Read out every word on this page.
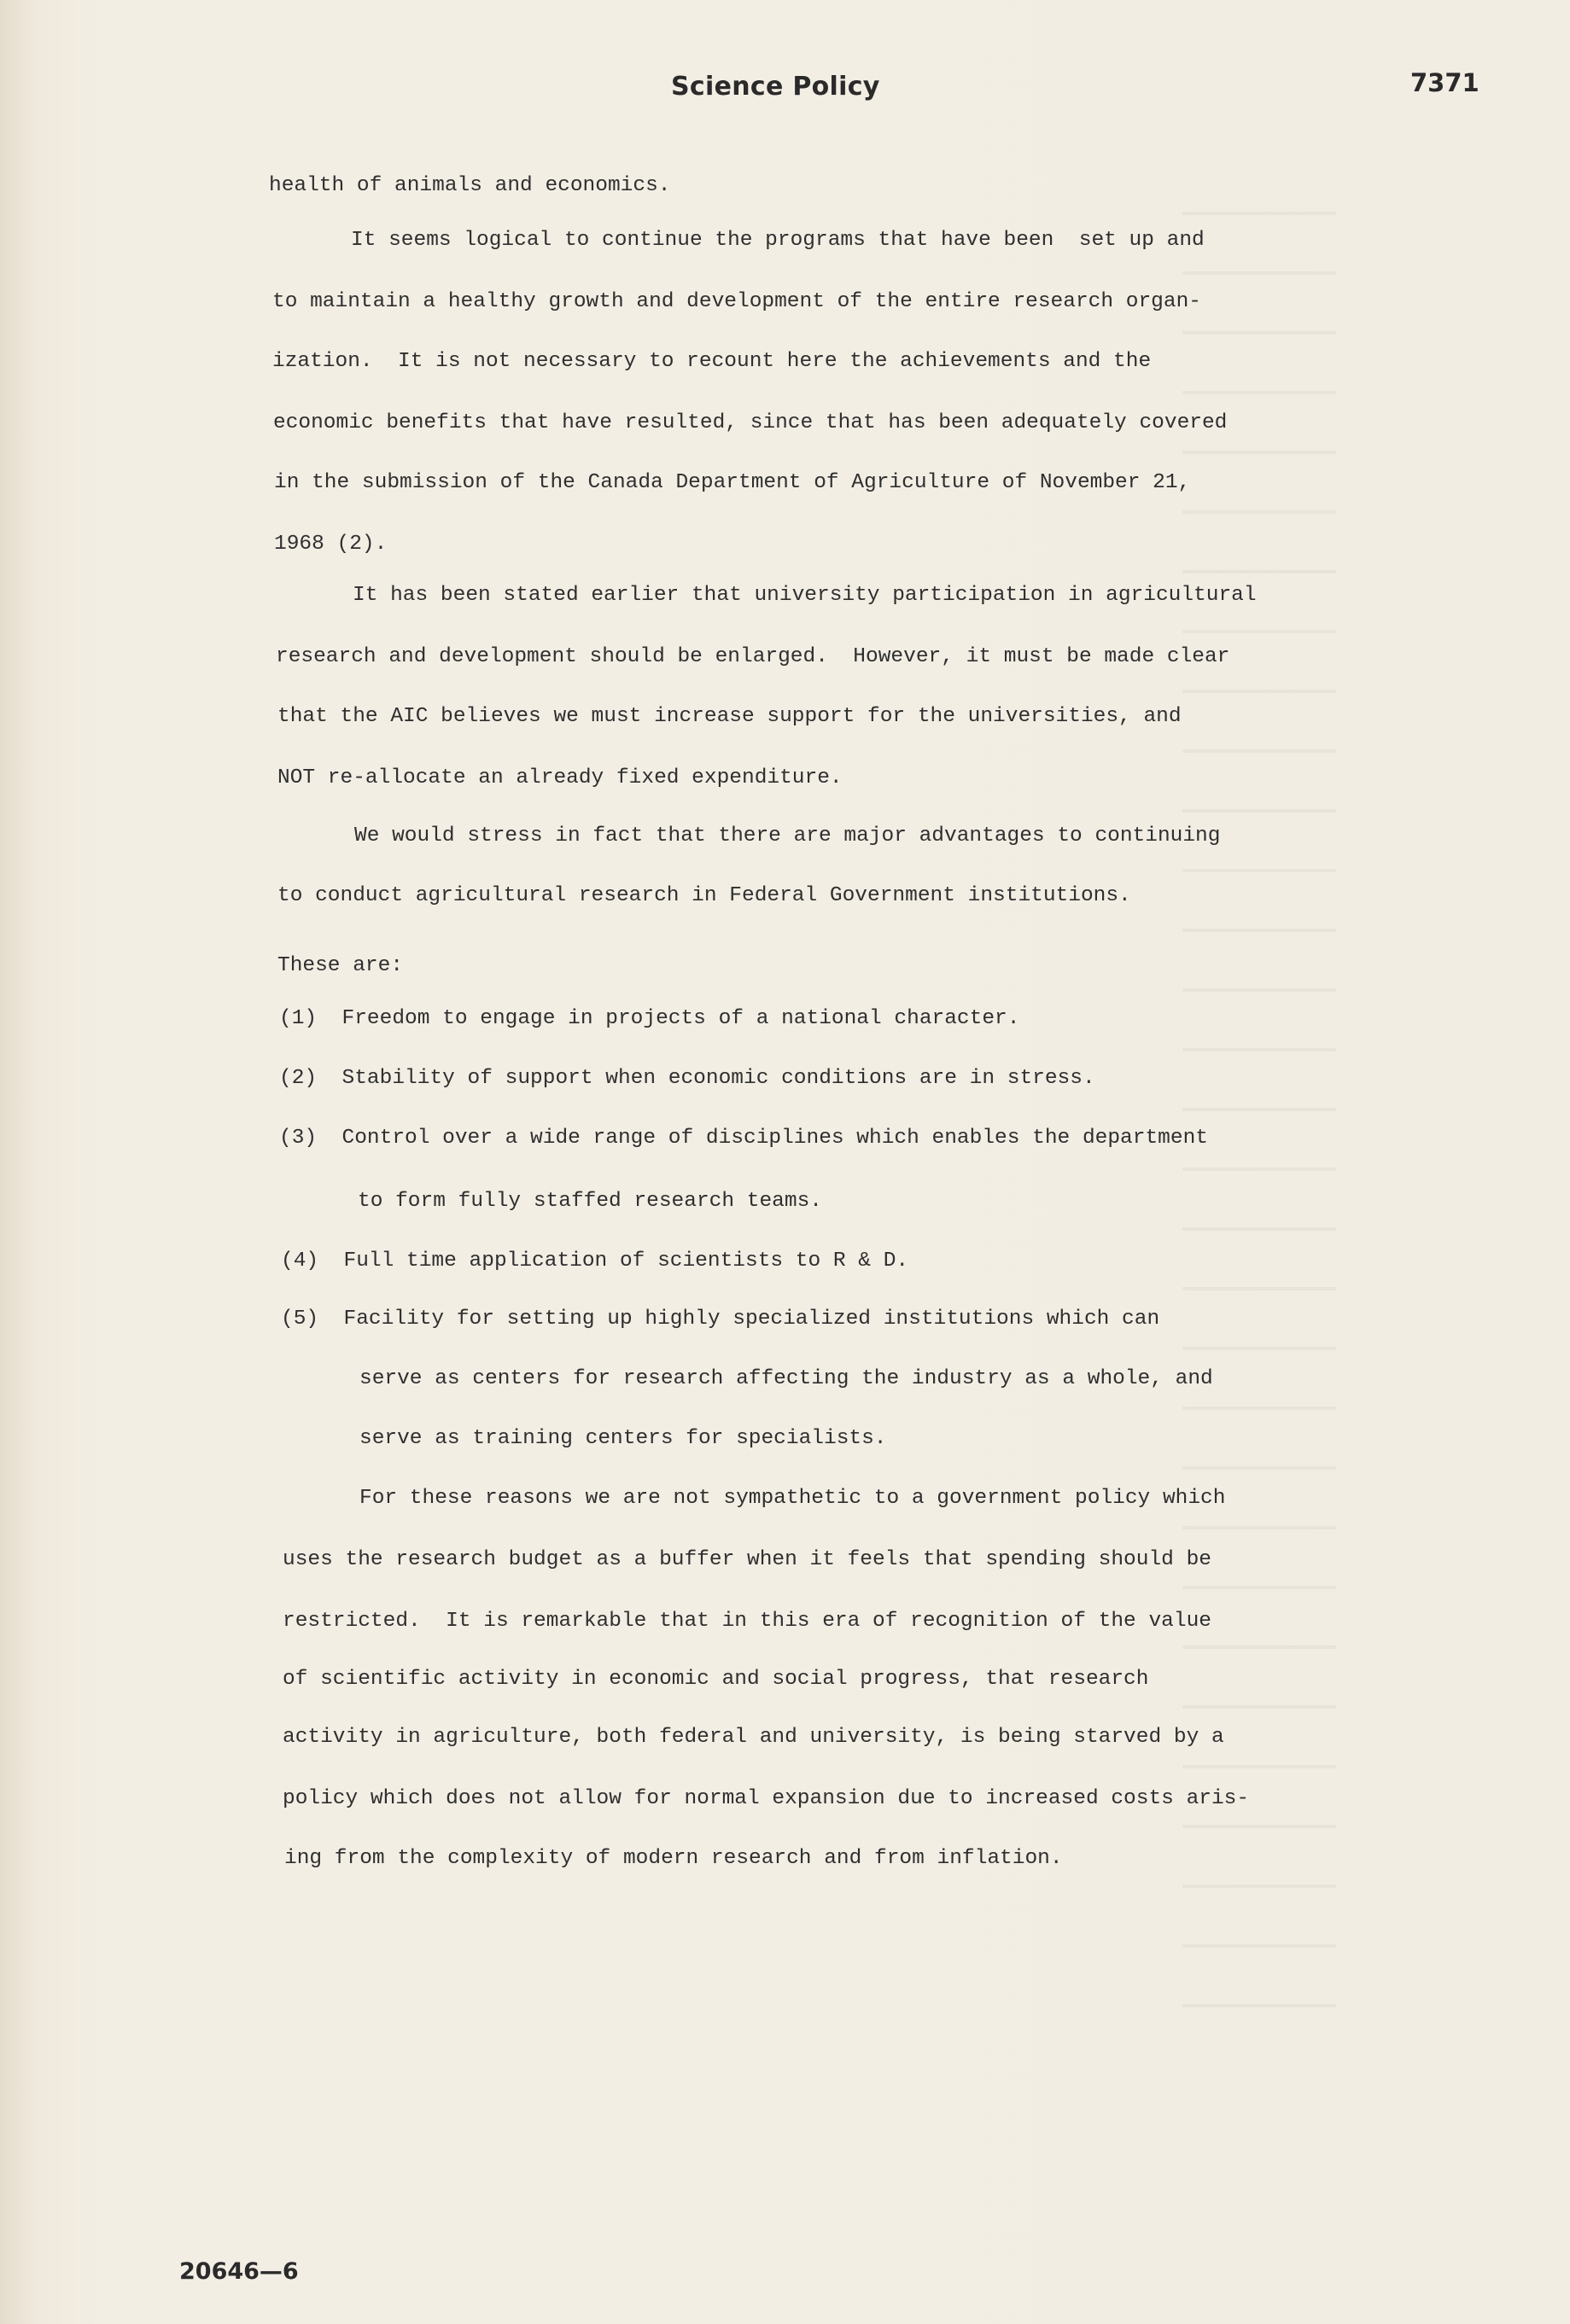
Science Policy	7371

health of animals and economics.

It seems logical to continue the programs that have been  set up and

to maintain a healthy growth and development of the entire research organ-

ization.  It is not necessary to recount here the achievements and the

economic benefits that have resulted, since that has been adequately covered

in the submission of the Canada Department of Agriculture of November 21,

1968 (2).

It has been stated earlier that university participation in agricultural

research and development should be enlarged.  However, it must be made clear

that the AIC believes we must increase support for the universities, and

NOT re-allocate an already fixed expenditure.

We would stress in fact that there are major advantages to continuing

to conduct agricultural research in Federal Government institutions.

These are:

(1)  Freedom to engage in projects of a national character.

(2)  Stability of support when economic conditions are in stress.

(3)  Control over a wide range of disciplines which enables the department

to form fully staffed research teams.

(4)  Full time application of scientists to R & D.

(5)  Facility for setting up highly specialized institutions which can

serve as centers for research affecting the industry as a whole, and

serve as training centers for specialists.

For these reasons we are not sympathetic to a government policy which

uses the research budget as a buffer when it feels that spending should be

restricted.  It is remarkable that in this era of recognition of the value

of scientific activity in economic and social progress, that research

activity in agriculture, both federal and university, is being starved by a

policy which does not allow for normal expansion due to increased costs aris-

ing from the complexity of modern research and from inflation.

20646—6
